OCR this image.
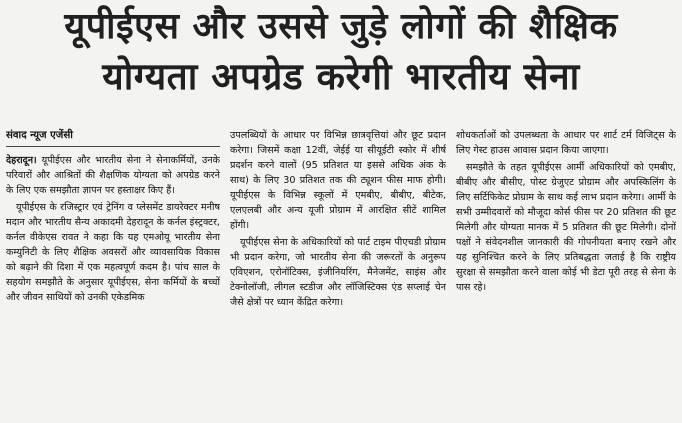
यूपीईएस और उससे जुड़े लोगों की शैक्षिक
योग्यता अपग्रेड करेगी भारतीय सेना
संवाद न्यूज एजेंसी

देहरादून। यूपीईएस और भारतीय सेना ने सेनाकर्मियों, उनके परिवारों और आश्रितों की शैक्षणिक योग्यता को अपग्रेड करने के लिए एक समझौता ज्ञापन पर हस्ताक्षर किए हैं।

यूपीईएस के रजिस्ट्रार एवं ट्रेनिंग व प्लेसमेंट डायरेक्टर मनीष मदान और भारतीय सैन्य अकादमी देहरादून के कर्नल इंस्ट्रक्टर, कर्नल वीकेएस रावत ने कहा कि यह एमओयू भारतीय सेना कम्युनिटी के लिए शैक्षिक अवसरों और व्यावसायिक विकास को बढ़ाने की दिशा में एक महत्वपूर्ण कदम है। पांच साल के सहयोग समझौते के अनुसार यूपीईएस, सेना कर्मियों के बच्चों और जीवन साथियों को उनकी एकेडमिक

उपलब्धियों के आधार पर विभिन्न छात्रवृत्तियां और छूट प्रदान करेगा। जिसमें कक्षा 12वीं, जेईई या सीयूईटी स्कोर में शीर्ष प्रदर्शन करने वालों (95 प्रतिशत या इससे अधिक अंक के साथ) के लिए 30 प्रतिशत तक की ट्यूशन फीस माफ होगी। यूपीईएस के विभिन्न स्कूलों में एमबीए, बीबीए, बीटेक, एलएलबी और अन्य यूजी प्रोग्राम में आरक्षित सीटें शामिल होंगी।

यूपीईएस सेना के अधिकारियों को पार्ट टाइम पीएचडी प्रोग्राम भी प्रदान करेगा, जो भारतीय सेना की जरूरतों के अनुरूप एविएशन, एरोनॉटिक्स, इंजीनियरिंग, मैनेजमेंट, साइंस और टेक्नोलॉजी, लीगल स्टडीज और लॉजिस्टिक्स एंड सप्लाई चेन जैसे क्षेत्रों पर ध्यान केंद्रित करेगा।

शोधकर्ताओं को उपलब्धता के आधार पर शार्ट टर्म विजिट्स के लिए गेस्ट हाउस आवास प्रदान किया जाएगा।

समझौते के तहत यूपीईएस आर्मी अधिकारियों को एमबीए, बीबीए और बीसीए, पोस्ट ग्रेजुएट प्रोग्राम और अपस्किलिंग के लिए सर्टिफिकेट प्रोग्राम के साथ कई लाभ प्रदान करेगा। आर्मी के सभी उम्मीदवारों को मौजूदा कोर्स फीस पर 20 प्रतिशत की छूट मिलेगी और योग्यता मानक में 5 प्रतिशत की छूट मिलेगी। दोनों पक्षों ने संवेदनशील जानकारी की गोपनीयता बनाए रखने और यह सुनिश्चित करने के लिए प्रतिबद्धता जताई है कि राष्ट्रीय सुरक्षा से समझौता करने वाला कोई भी डेटा पूरी तरह से सेना के पास रहे।
